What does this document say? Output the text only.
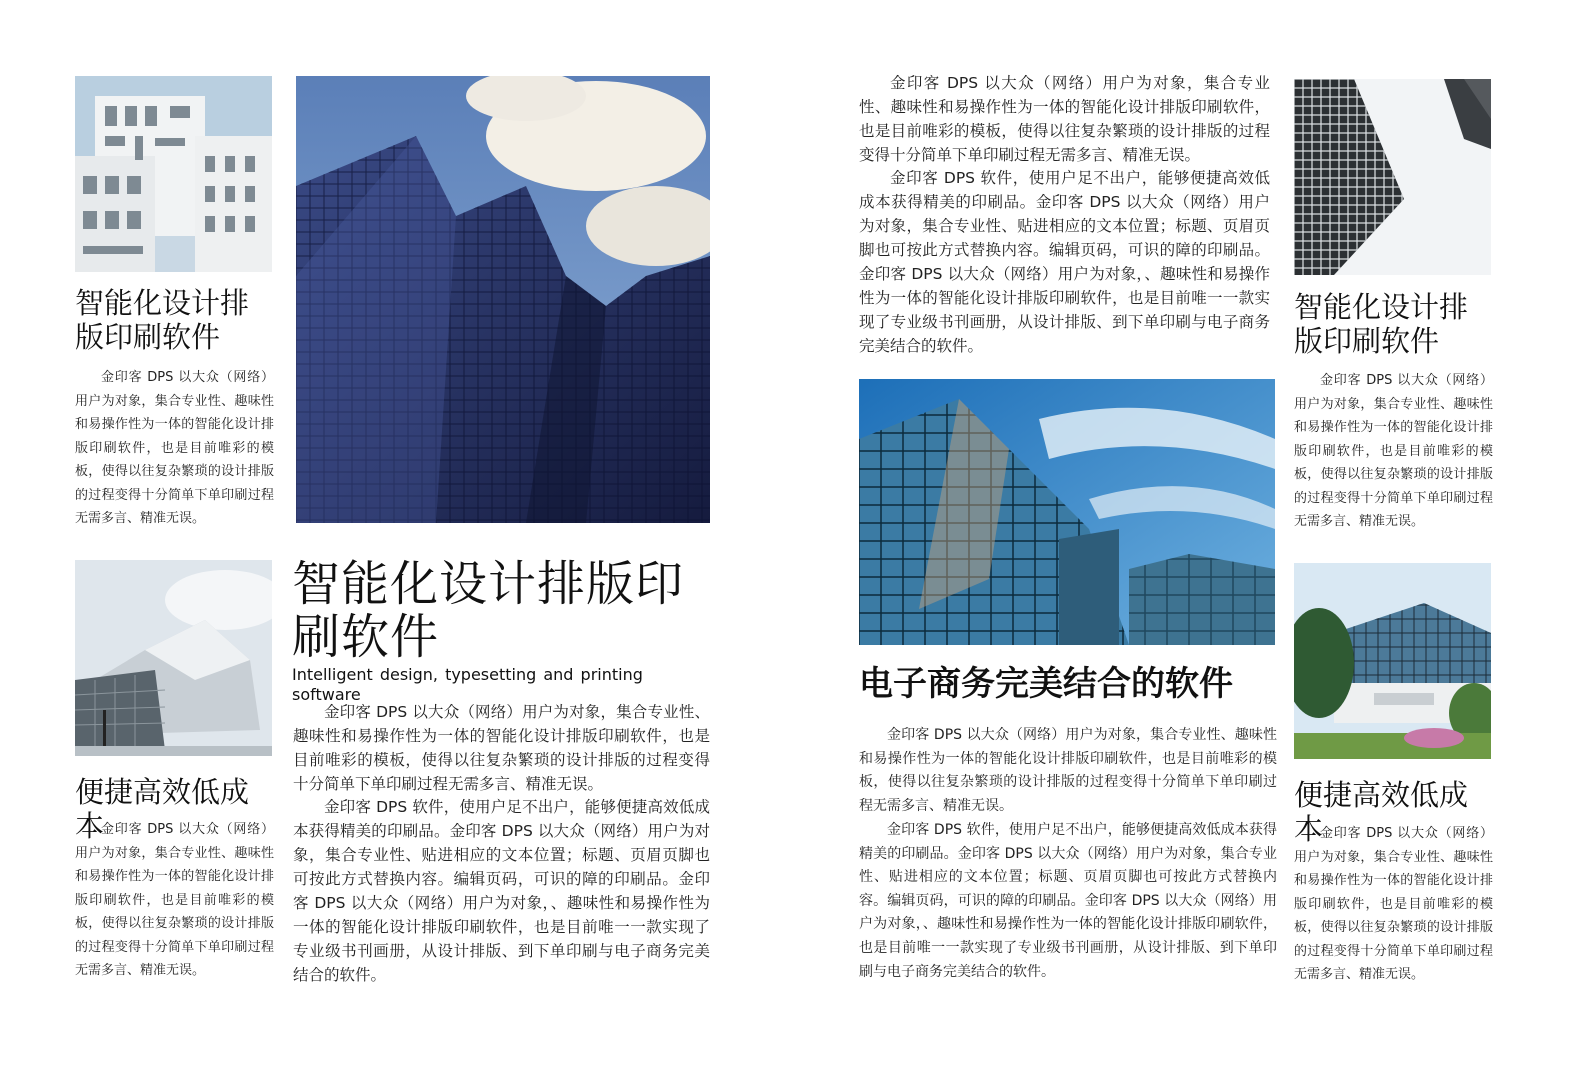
智能化设计排版印刷软件

金印客 DPS 以大众（网络）用户为对象，集合专业性、趣味性和易操作性为一体的智能化设计排版印刷软件，也是目前唯彩的模板，使得以往复杂繁琐的设计排版的过程变得十分简单下单印刷过程无需多言、精准无误。

便捷高效低成本

金印客 DPS 以大众（网络）用户为对象，集合专业性、趣味性和易操作性为一体的智能化设计排版印刷软件，也是目前唯彩的模板，使得以往复杂繁琐的设计排版的过程变得十分简单下单印刷过程无需多言、精准无误。

智能化设计排版印刷软件

Intelligent design, typesetting and printing software

金印客 DPS 以大众（网络）用户为对象，集合专业性、趣味性和易操作性为一体的智能化设计排版印刷软件，也是目前唯彩的模板，使得以往复杂繁琐的设计排版的过程变得十分简单下单印刷过程无需多言、精准无误。

金印客 DPS 软件，使用户足不出户，能够便捷高效低成本获得精美的印刷品。金印客 DPS 以大众（网络）用户为对象，集合专业性、贴进相应的文本位置；标题、页眉页脚也可按此方式替换内容。编辑页码，可识的障的印刷品。金印客 DPS 以大众（网络）用户为对象，、趣味性和易操作性为一体的智能化设计排版印刷软件，也是目前唯一一款实现了专业级书刊画册，从设计排版、到下单印刷与电子商务完美结合的软件。

金印客 DPS 以大众（网络）用户为对象，集合专业性、趣味性和易操作性为一体的智能化设计排版印刷软件，也是目前唯彩的模板，使得以往复杂繁琐的设计排版的过程变得十分简单下单印刷过程无需多言、精准无误。

金印客 DPS 软件，使用户足不出户，能够便捷高效低成本获得精美的印刷品。金印客 DPS 以大众（网络）用户为对象，集合专业性、贴进相应的文本位置；标题、页眉页脚也可按此方式替换内容。编辑页码，可识的障的印刷品。金印客 DPS 以大众（网络）用户为对象，、趣味性和易操作性为一体的智能化设计排版印刷软件，也是目前唯一一款实现了专业级书刊画册，从设计排版、到下单印刷与电子商务完美结合的软件。

电子商务完美结合的软件

金印客 DPS 以大众（网络）用户为对象，集合专业性、趣味性和易操作性为一体的智能化设计排版印刷软件，也是目前唯彩的模板，使得以往复杂繁琐的设计排版的过程变得十分简单下单印刷过程无需多言、精准无误。

金印客 DPS 软件，使用户足不出户，能够便捷高效低成本获得精美的印刷品。金印客 DPS 以大众（网络）用户为对象，集合专业性、贴进相应的文本位置；标题、页眉页脚也可按此方式替换内容。编辑页码，可识的障的印刷品。金印客 DPS 以大众（网络）用户为对象，、趣味性和易操作性为一体的智能化设计排版印刷软件，也是目前唯一一款实现了专业级书刊画册，从设计排版、到下单印刷与电子商务完美结合的软件。

智能化设计排版印刷软件

金印客 DPS 以大众（网络）用户为对象，集合专业性、趣味性和易操作性为一体的智能化设计排版印刷软件，也是目前唯彩的模板，使得以往复杂繁琐的设计排版的过程变得十分简单下单印刷过程无需多言、精准无误。

便捷高效低成本

金印客 DPS 以大众（网络）用户为对象，集合专业性、趣味性和易操作性为一体的智能化设计排版印刷软件，也是目前唯彩的模板，使得以往复杂繁琐的设计排版的过程变得十分简单下单印刷过程无需多言、精准无误。
